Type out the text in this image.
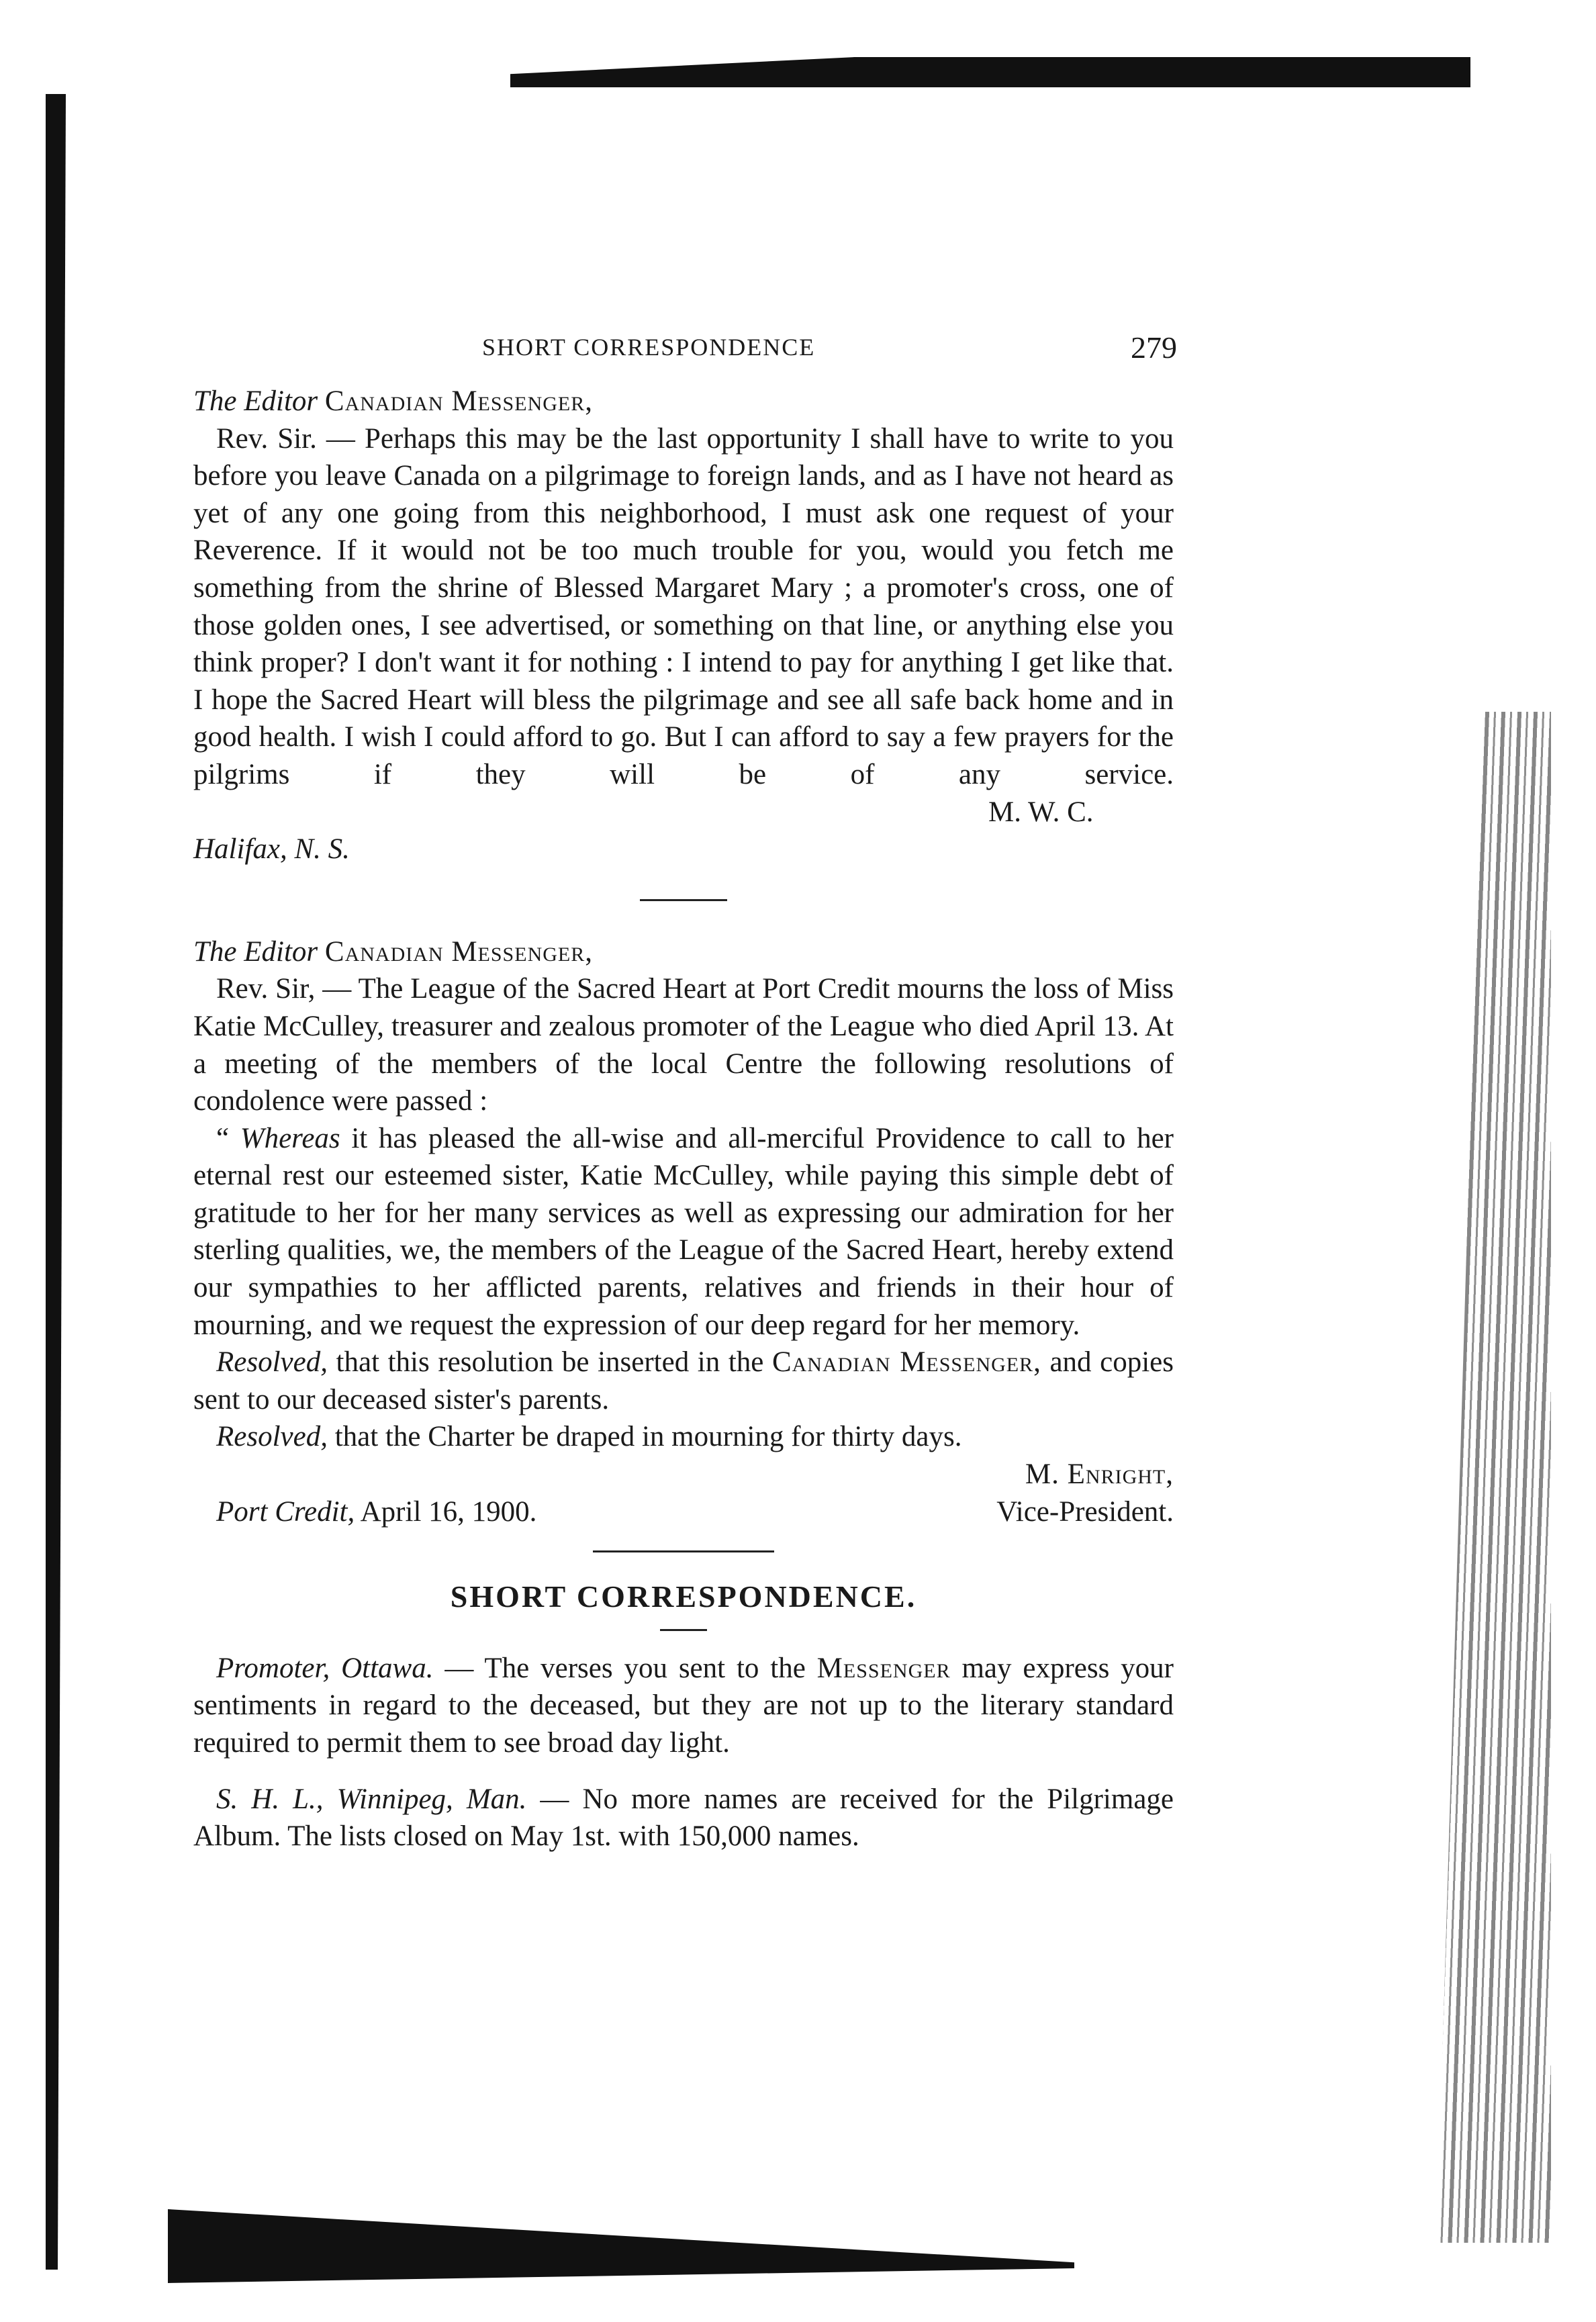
SHORT CORRESPONDENCE	279

The Editor Canadian Messenger,

Rev. Sir. — Perhaps this may be the last opportunity I shall have to write to you before you leave Canada on a pilgrimage to foreign lands, and as I have not heard as yet of any one going from this neighborhood, I must ask one request of your Reverence. If it would not be too much trouble for you, would you fetch me something from the shrine of Blessed Margaret Mary ; a promoter's cross, one of those golden ones, I see advertised, or something on that line, or anything else you think proper? I don't want it for nothing : I intend to pay for anything I get like that. I hope the Sacred Heart will bless the pilgrimage and see all safe back home and in good health. I wish I could afford to go. But I can afford to say a few prayers for the pilgrims if they will be of any service. M. W. C.

Halifax, N. S.

The Editor Canadian Messenger,

Rev. Sir, — The League of the Sacred Heart at Port Credit mourns the loss of Miss Katie McCulley, treasurer and zealous promoter of the League who died April 13. At a meeting of the members of the local Centre the following resolutions of condolence were passed :

“ Whereas it has pleased the all-wise and all-merciful Providence to call to her eternal rest our esteemed sister, Katie McCulley, while paying this simple debt of gratitude to her for her many services as well as expressing our admiration for her sterling qualities, we, the members of the League of the Sacred Heart, hereby extend our sympathies to her afflicted parents, relatives and friends in their hour of mourning, and we request the expression of our deep regard for her memory.

Resolved, that this resolution be inserted in the Canadian Messenger, and copies sent to our deceased sister's parents.

Resolved, that the Charter be draped in mourning for thirty days.

M. Enright,

Port Credit, April 16, 1900.	Vice-President.
SHORT CORRESPONDENCE.

Promoter, Ottawa. — The verses you sent to the Messenger may express your sentiments in regard to the deceased, but they are not up to the literary standard required to permit them to see broad day light.

S. H. L., Winnipeg, Man. — No more names are received for the Pilgrimage Album. The lists closed on May 1st. with 150,000 names.
